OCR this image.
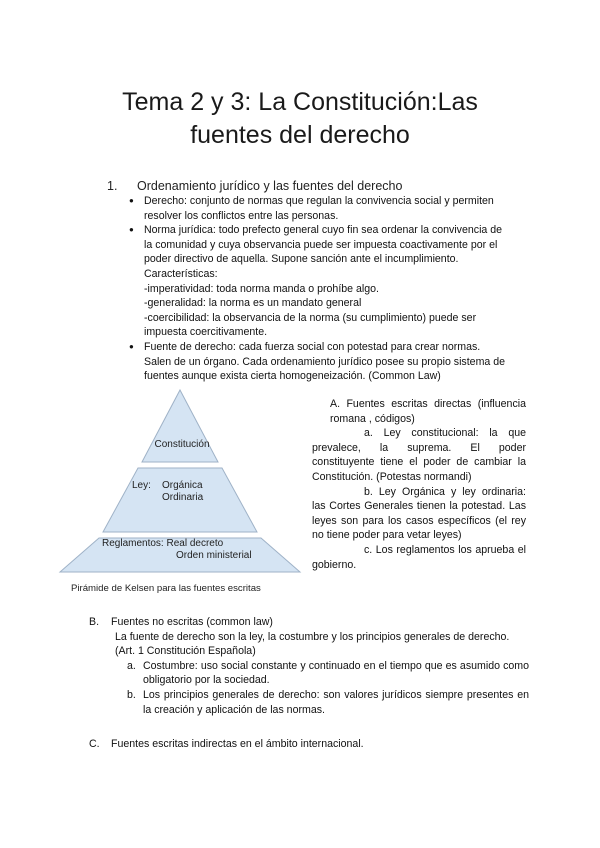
Tema 2 y 3: La Constitución:Las
fuentes del derecho
1. Ordenamiento jurídico y las fuentes del derecho
● Derecho: conjunto de normas que regulan la convivencia social y permiten
resolver los conflictos entre las personas.
● Norma jurídica: todo prefecto general cuyo fin sea ordenar la convivencia de
la comunidad y cuya observancia puede ser impuesta coactivamente por el
poder directivo de aquella. Supone sanción ante el incumplimiento.
Características:
-imperatividad: toda norma manda o prohíbe algo.
-generalidad: la norma es un mandato general
-coercibilidad: la observancia de la norma (su cumplimiento) puede ser
impuesta coercitivamente.
● Fuente de derecho: cada fuerza social con potestad para crear normas.
Salen de un órgano. Cada ordenamiento jurídico posee su propio sistema de
fuentes aunque exista cierta homogeneización. (Common Law)
Constitución
Ley: Orgánica
Ordinaria
Reglamentos: Real decreto
Orden ministerial
Pirámide de Kelsen para las fuentes escritas

A. Fuentes escritas directas (influencia romana , códigos)

a. Ley constitucional: la que prevalece, la suprema. El poder constituyente tiene el poder de cambiar la Constitución. (Potestas normandi)

b. Ley Orgánica y ley ordinaria: las Cortes Generales tienen la potestad. Las leyes son para los casos específicos (el rey no tiene poder para vetar leyes)

c. Los reglamentos los aprueba el gobierno.

B. Fuentes no escritas (common law)

La fuente de derecho son la ley, la costumbre y los principios generales de derecho.

(Art. 1 Constitución Española)

a. Costumbre: uso social constante y continuado en el tiempo que es asumido como obligatorio por la sociedad.

b. Los principios generales de derecho: son valores jurídicos siempre presentes en la creación y aplicación de las normas.

C. Fuentes escritas indirectas en el ámbito internacional.
